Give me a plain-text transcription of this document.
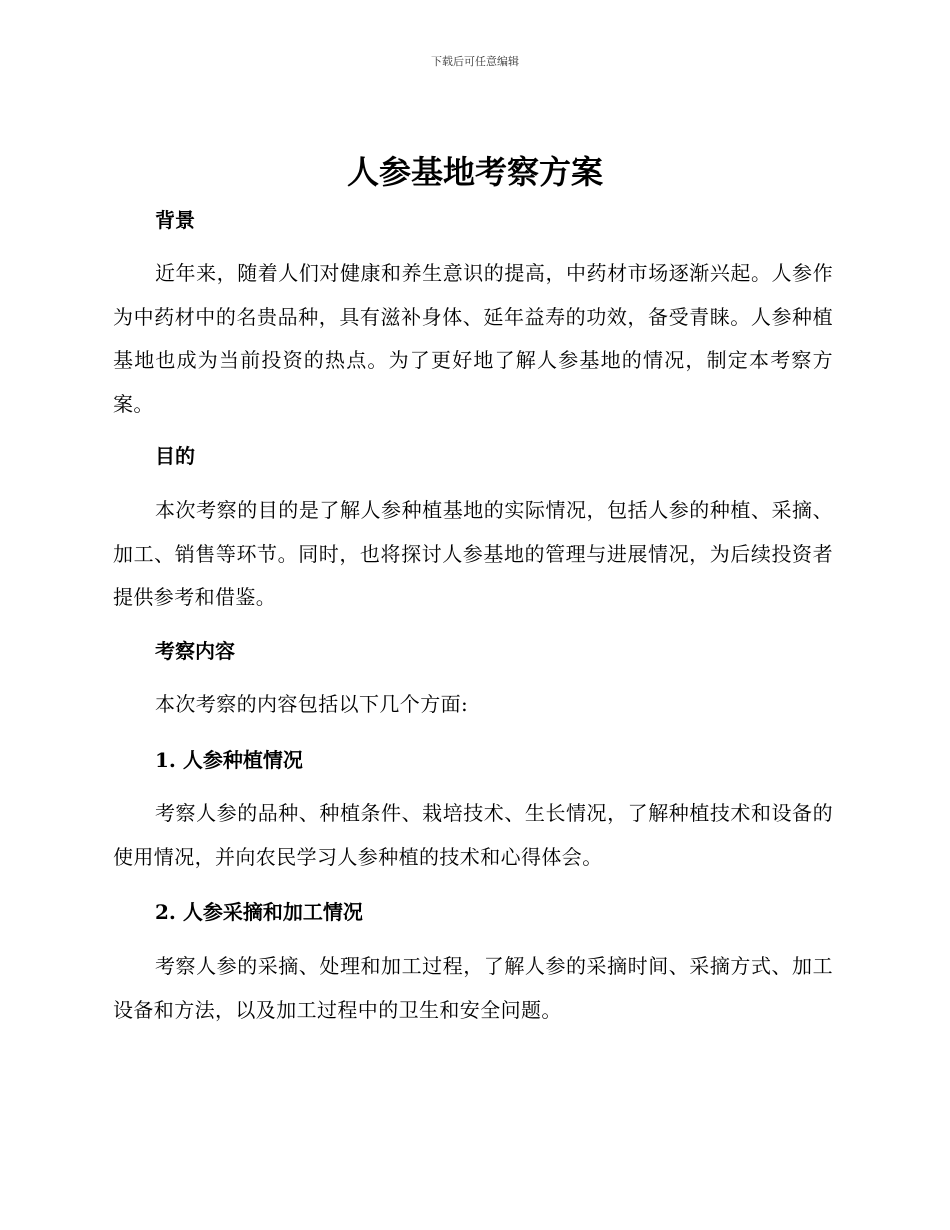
下载后可任意编辑
人参基地考察方案
背景

近年来，随着人们对健康和养生意识的提高，中药材市场逐渐兴起。人参作为中药材中的名贵品种，具有滋补身体、延年益寿的功效，备受青睐。人参种植基地也成为当前投资的热点。为了更好地了解人参基地的情况，制定本考察方案。

目的

本次考察的目的是了解人参种植基地的实际情况，包括人参的种植、采摘、加工、销售等环节。同时，也将探讨人参基地的管理与进展情况，为后续投资者提供参考和借鉴。

考察内容

本次考察的内容包括以下几个方面:

1. 人参种植情况

考察人参的品种、种植条件、栽培技术、生长情况，了解种植技术和设备的使用情况，并向农民学习人参种植的技术和心得体会。

2. 人参采摘和加工情况

考察人参的采摘、处理和加工过程，了解人参的采摘时间、采摘方式、加工设备和方法，以及加工过程中的卫生和安全问题。
